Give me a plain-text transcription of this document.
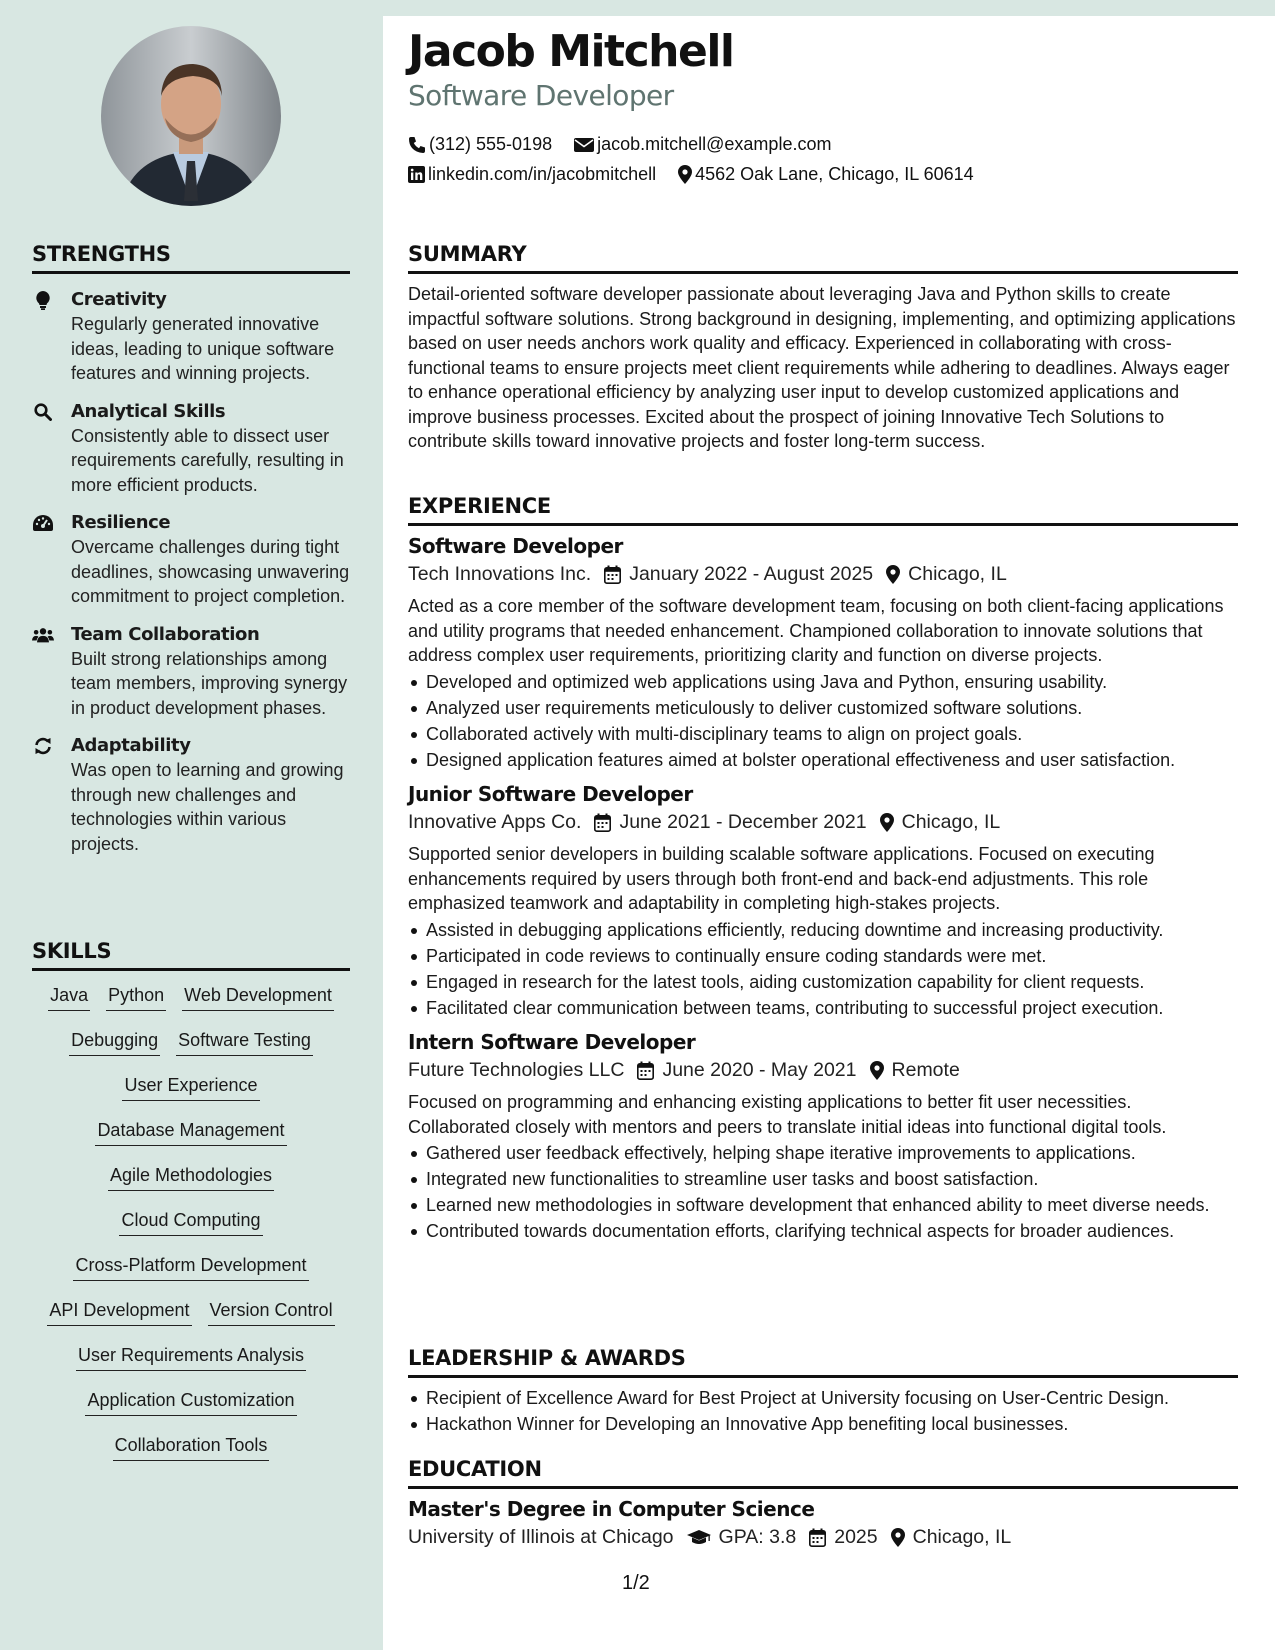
STRENGTHS
Creativity
Regularly generated innovative ideas, leading to unique software features and winning projects.
Analytical Skills
Consistently able to dissect user requirements carefully, resulting in more efficient products.
Resilience
Overcame challenges during tight deadlines, showcasing unwavering commitment to project completion.
Team Collaboration
Built strong relationships among team members, improving synergy in product development phases.
Adaptability
Was open to learning and growing through new challenges and technologies within various projects.
SKILLS
Java Python Web Development
Debugging Software Testing
User Experience
Database Management
Agile Methodologies
Cloud Computing
Cross-Platform Development
API Development Version Control
User Requirements Analysis
Application Customization
Collaboration Tools
Jacob Mitchell
Software Developer
(312) 555-0198	jacob.mitchell@example.com
linkedin.com/in/jacobmitchell 4562 Oak Lane, Chicago, IL 60614
SUMMARY
Detail-oriented software developer passionate about leveraging Java and Python skills to create impactful software solutions. Strong background in designing, implementing, and optimizing applications based on user needs anchors work quality and efficacy. Experienced in collaborating with cross-functional teams to ensure projects meet client requirements while adhering to deadlines. Always eager to enhance operational efficiency by analyzing user input to develop customized applications and improve business processes. Excited about the prospect of joining Innovative Tech Solutions to contribute skills toward innovative projects and foster long-term success.
EXPERIENCE
Software Developer
Tech Innovations Inc. January 2022 - August 2025 Chicago, IL
Acted as a core member of the software development team, focusing on both client-facing applications and utility programs that needed enhancement. Championed collaboration to innovate solutions that address complex user requirements, prioritizing clarity and function on diverse projects.
Developed and optimized web applications using Java and Python, ensuring usability.
Analyzed user requirements meticulously to deliver customized software solutions.
Collaborated actively with multi-disciplinary teams to align on project goals.
Designed application features aimed at bolster operational effectiveness and user satisfaction.
Junior Software Developer
Innovative Apps Co. June 2021 - December 2021 Chicago, IL
Supported senior developers in building scalable software applications. Focused on executing enhancements required by users through both front-end and back-end adjustments. This role emphasized teamwork and adaptability in completing high-stakes projects.
Assisted in debugging applications efficiently, reducing downtime and increasing productivity.
Participated in code reviews to continually ensure coding standards were met.
Engaged in research for the latest tools, aiding customization capability for client requests.
Facilitated clear communication between teams, contributing to successful project execution.
Intern Software Developer
Future Technologies LLC June 2020 - May 2021 Remote
Focused on programming and enhancing existing applications to better fit user necessities. Collaborated closely with mentors and peers to translate initial ideas into functional digital tools.
Gathered user feedback effectively, helping shape iterative improvements to applications.
Integrated new functionalities to streamline user tasks and boost satisfaction.
Learned new methodologies in software development that enhanced ability to meet diverse needs.
Contributed towards documentation efforts, clarifying technical aspects for broader audiences.
LEADERSHIP & AWARDS
Recipient of Excellence Award for Best Project at University focusing on User-Centric Design.
Hackathon Winner for Developing an Innovative App benefiting local businesses.
EDUCATION
Master's Degree in Computer Science
University of Illinois at Chicago GPA: 3.8 2025 Chicago, IL
1/2
